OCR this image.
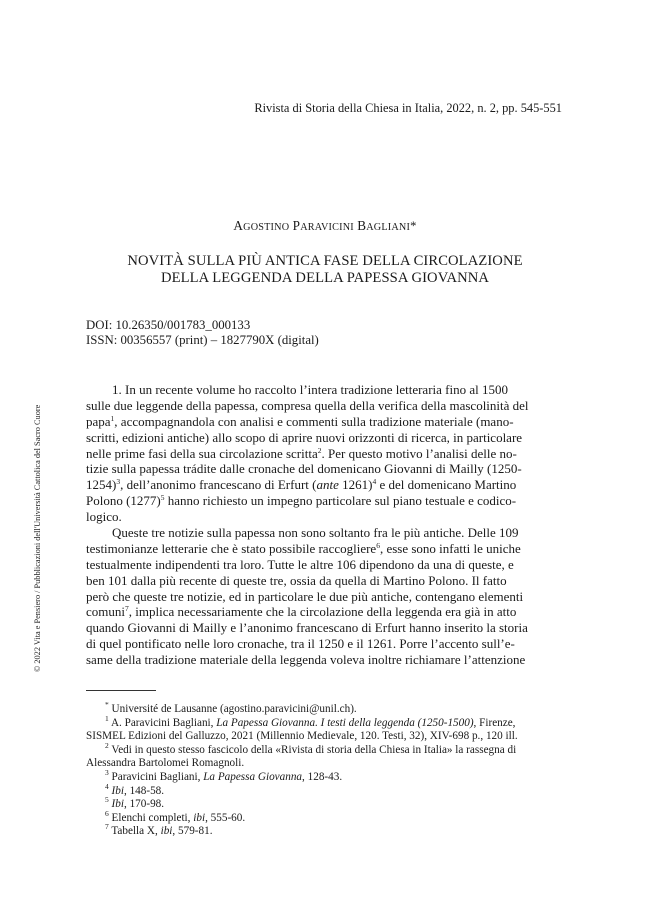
Rivista di Storia della Chiesa in Italia, 2022, n. 2, pp. 545-551
AGOSTINO PARAVICINI BAGLIANI*
NOVITÀ SULLA PIÙ ANTICA FASE DELLA CIRCOLAZIONE
DELLA LEGGENDA DELLA PAPESSA GIOVANNA
DOI: 10.26350/001783_000133
ISSN: 00356557 (print) – 1827790X (digital)
1. In un recente volume ho raccolto l’intera tradizione letteraria fino al 1500
sulle due leggende della papessa, compresa quella della verifica della mascolinità del
papa$^1$, accompagnandola con analisi e commenti sulla tradizione materiale (mano-
scritti, edizioni antiche) allo scopo di aprire nuovi orizzonti di ricerca, in particolare
nelle prime fasi della sua circolazione scritta$^2$. Per questo motivo l’analisi delle no-
tizie sulla papessa trádite dalle cronache del domenicano Giovanni di Mailly (1250-
1254)$^3$, dell’anonimo francescano di Erfurt (ante 1261)$^4$ e del domenicano Martino
Polono $(1277)^5$ hanno richiesto un impegno particolare sul piano testuale e codico-
logico.
Queste tre notizie sulla papessa non sono soltanto fra le più antiche. Delle 109
testimonianze letterarie che è stato possibile raccogliere$^6$, esse sono infatti le uniche
testualmente indipendenti tra loro. Tutte le altre 106 dipendono da una di queste, e
ben 101 dalla più recente di queste tre, ossia da quella di Martino Polono. Il fatto
però che queste tre notizie, ed in particolare le due più antiche, contengano elementi
comuni$^7$, implica necessariamente che la circolazione della leggenda era già in atto
quando Giovanni di Mailly e l’anonimo francescano di Erfurt hanno inserito la storia
di quel pontificato nelle loro cronache, tra il 1250 e il 1261. Porre l’accento sull’e-
same della tradizione materiale della leggenda voleva inoltre richiamare l’attenzione
* Université de Lausanne (agostino.paravicini@unil.ch).
$^1$ A. Paravicini Bagliani, La Papessa Giovanna. I testi della leggenda (1250-1500), Firenze,
SISMEL Edizioni del Galluzzo, 2021 (Millennio Medievale, 120. Testi, 32), XIV-698 p., 120 ill.
$^2$ Vedi in questo stesso fascicolo della «Rivista di storia della Chiesa in Italia» la rassegna di
Alessandra Bartolomei Romagnoli.
$^3$ Paravicini Bagliani, La Papessa Giovanna, 128-43.
$^4$ Ibi, 148-58.
$^5$ Ibi, 170-98.
$^6$ Elenchi completi, ibi, 555-60.
$^7$ Tabella X, ibi, 579-81.
© 2022 Vita e Pensiero / Pubblicazioni dell'Università Cattolica del Sacro Cuore
